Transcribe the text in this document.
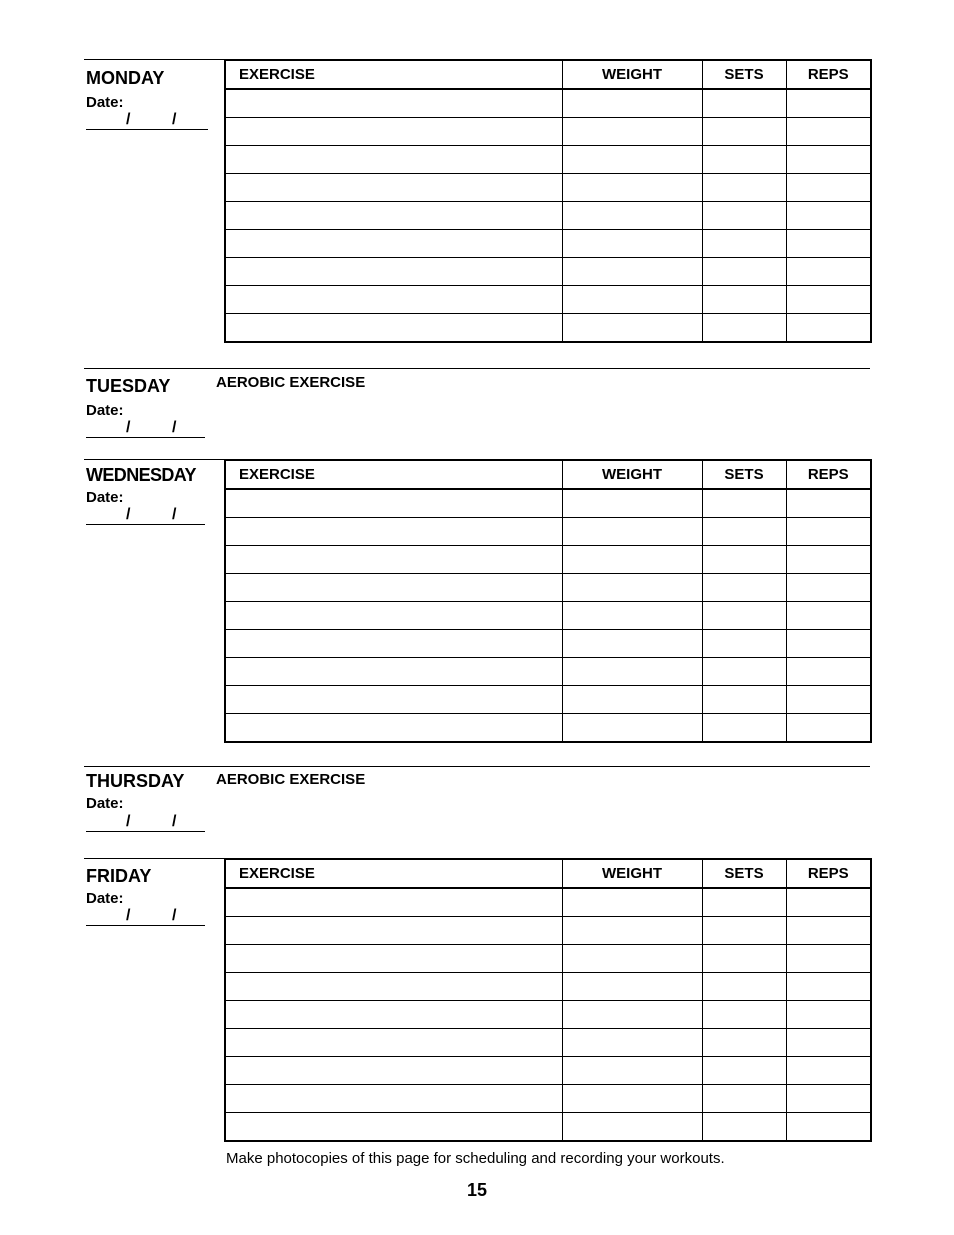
MONDAY
Date:
/	/
EXERCISE	WEIGHT	SETS	REPS

TUESDAY	AEROBIC EXERCISE
Date:
/	/
WEDNESDAY
Date:
/	/
EXERCISE	WEIGHT	SETS	REPS

THURSDAY AEROBIC EXERCISE
Date:
/	/
FRIDAY
Date:
/	/
EXERCISE	WEIGHT	SETS	REPS

Make photocopies of this page for scheduling and recording your workouts.
15
